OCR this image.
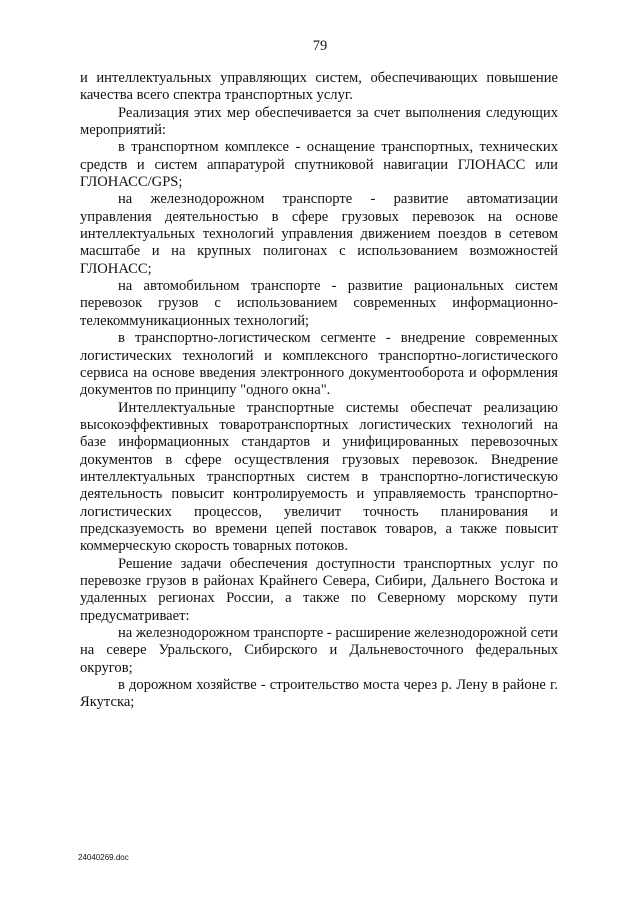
79

и интеллектуальных управляющих систем, обеспечивающих повышение качества всего спектра транспортных услуг.

Реализация этих мер обеспечивается за счет выполнения следующих мероприятий:

в транспортном комплексе - оснащение транспортных, технических средств и систем аппаратурой спутниковой навигации ГЛОНАСС или ГЛОНАСС/GPS;

на железнодорожном транспорте - развитие автоматизации управления деятельностью в сфере грузовых перевозок на основе интеллектуальных технологий управления движением поездов в сетевом масштабе и на крупных полигонах с использованием возможностей ГЛОНАСС;

на автомобильном транспорте - развитие рациональных систем перевозок грузов с использованием современных информационно-телекоммуникационных технологий;

в транспортно-логистическом сегменте - внедрение современных логистических технологий и комплексного транспортно-логистического сервиса на основе введения электронного документооборота и оформления документов по принципу "одного окна".

Интеллектуальные транспортные системы обеспечат реализацию высокоэффективных товаротранспортных логистических технологий на базе информационных стандартов и унифицированных перевозочных документов в сфере осуществления грузовых перевозок. Внедрение интеллектуальных транспортных систем в транспортно-логистическую деятельность повысит контролируемость и управляемость транспортно-логистических процессов, увеличит точность планирования и предсказуемость во времени цепей поставок товаров, а также повысит коммерческую скорость товарных потоков.

Решение задачи обеспечения доступности транспортных услуг по перевозке грузов в районах Крайнего Севера, Сибири, Дальнего Востока и удаленных регионах России, а также по Северному морскому пути предусматривает:

на железнодорожном транспорте - расширение железнодорожной сети на севере Уральского, Сибирского и Дальневосточного федеральных округов;

в дорожном хозяйстве - строительство моста через р. Лену в районе г. Якутска;

24040269.doc
